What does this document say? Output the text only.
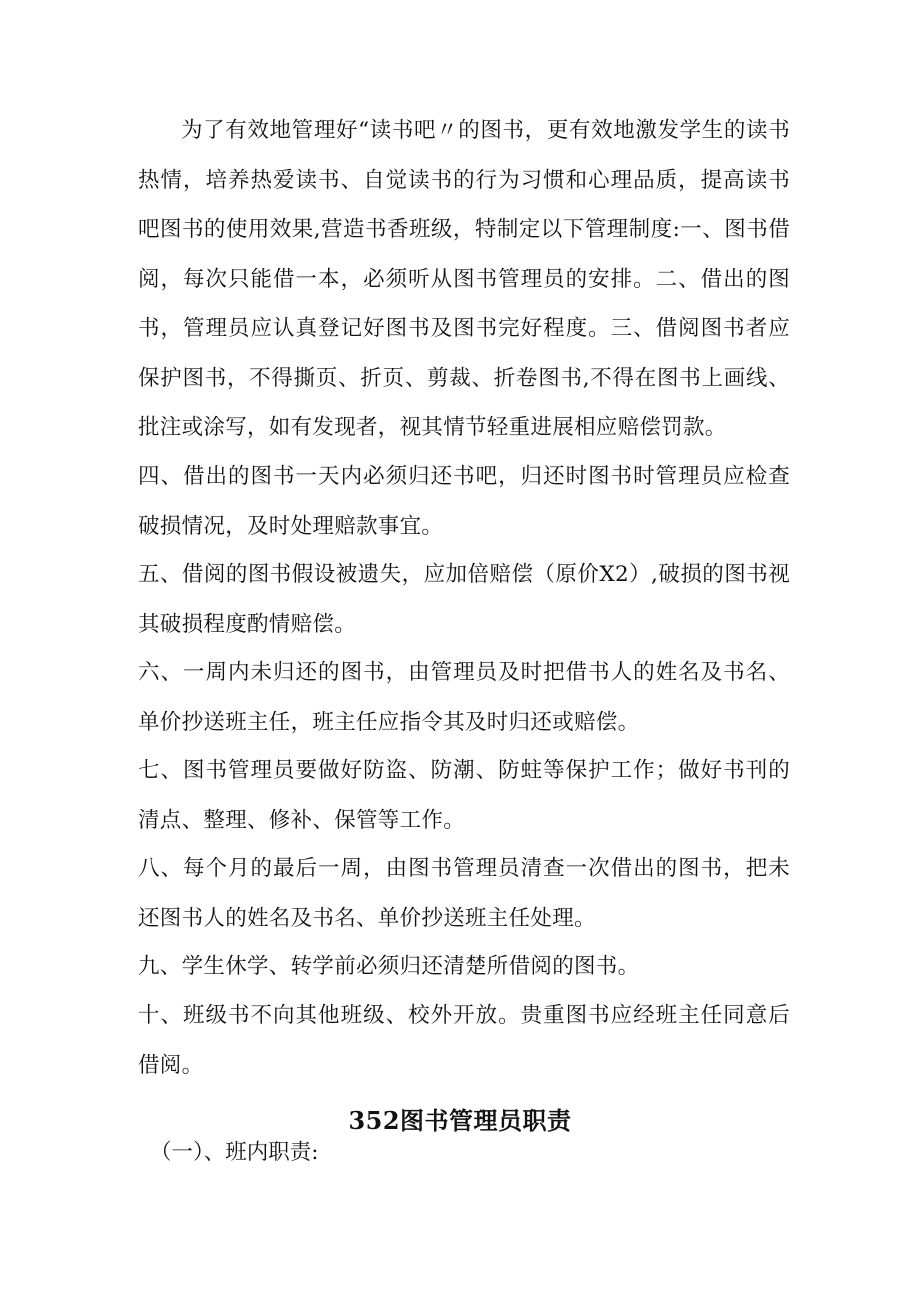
为了有效地管理好“读书吧〃的图书，更有效地激发学生的读书热情，培养热爱读书、自觉读书的行为习惯和心理品质，提高读书吧图书的使用效果,营造书香班级，特制定以下管理制度:一、图书借阅，每次只能借一本，必须听从图书管理员的安排。二、借出的图书，管理员应认真登记好图书及图书完好程度。三、借阅图书者应保护图书，不得撕页、折页、剪裁、折卷图书,不得在图书上画线、批注或涂写，如有发现者，视其情节轻重进展相应赔偿罚款。

四、借出的图书一天内必须归还书吧，归还时图书时管理员应检查破损情况，及时处理赔款事宜。

五、借阅的图书假设被遗失，应加倍赔偿（原价X2）,破损的图书视其破损程度酌情赔偿。

六、一周内未归还的图书，由管理员及时把借书人的姓名及书名、单价抄送班主任，班主任应指令其及时归还或赔偿。

七、图书管理员要做好防盗、防潮、防蛀等保护工作；做好书刊的清点、整理、修补、保管等工作。

八、每个月的最后一周，由图书管理员清查一次借出的图书，把未还图书人的姓名及书名、单价抄送班主任处理。

九、学生休学、转学前必须归还清楚所借阅的图书。

十、班级书不向其他班级、校外开放。贵重图书应经班主任同意后借阅。

352图书管理员职责

（一）、班内职责:
